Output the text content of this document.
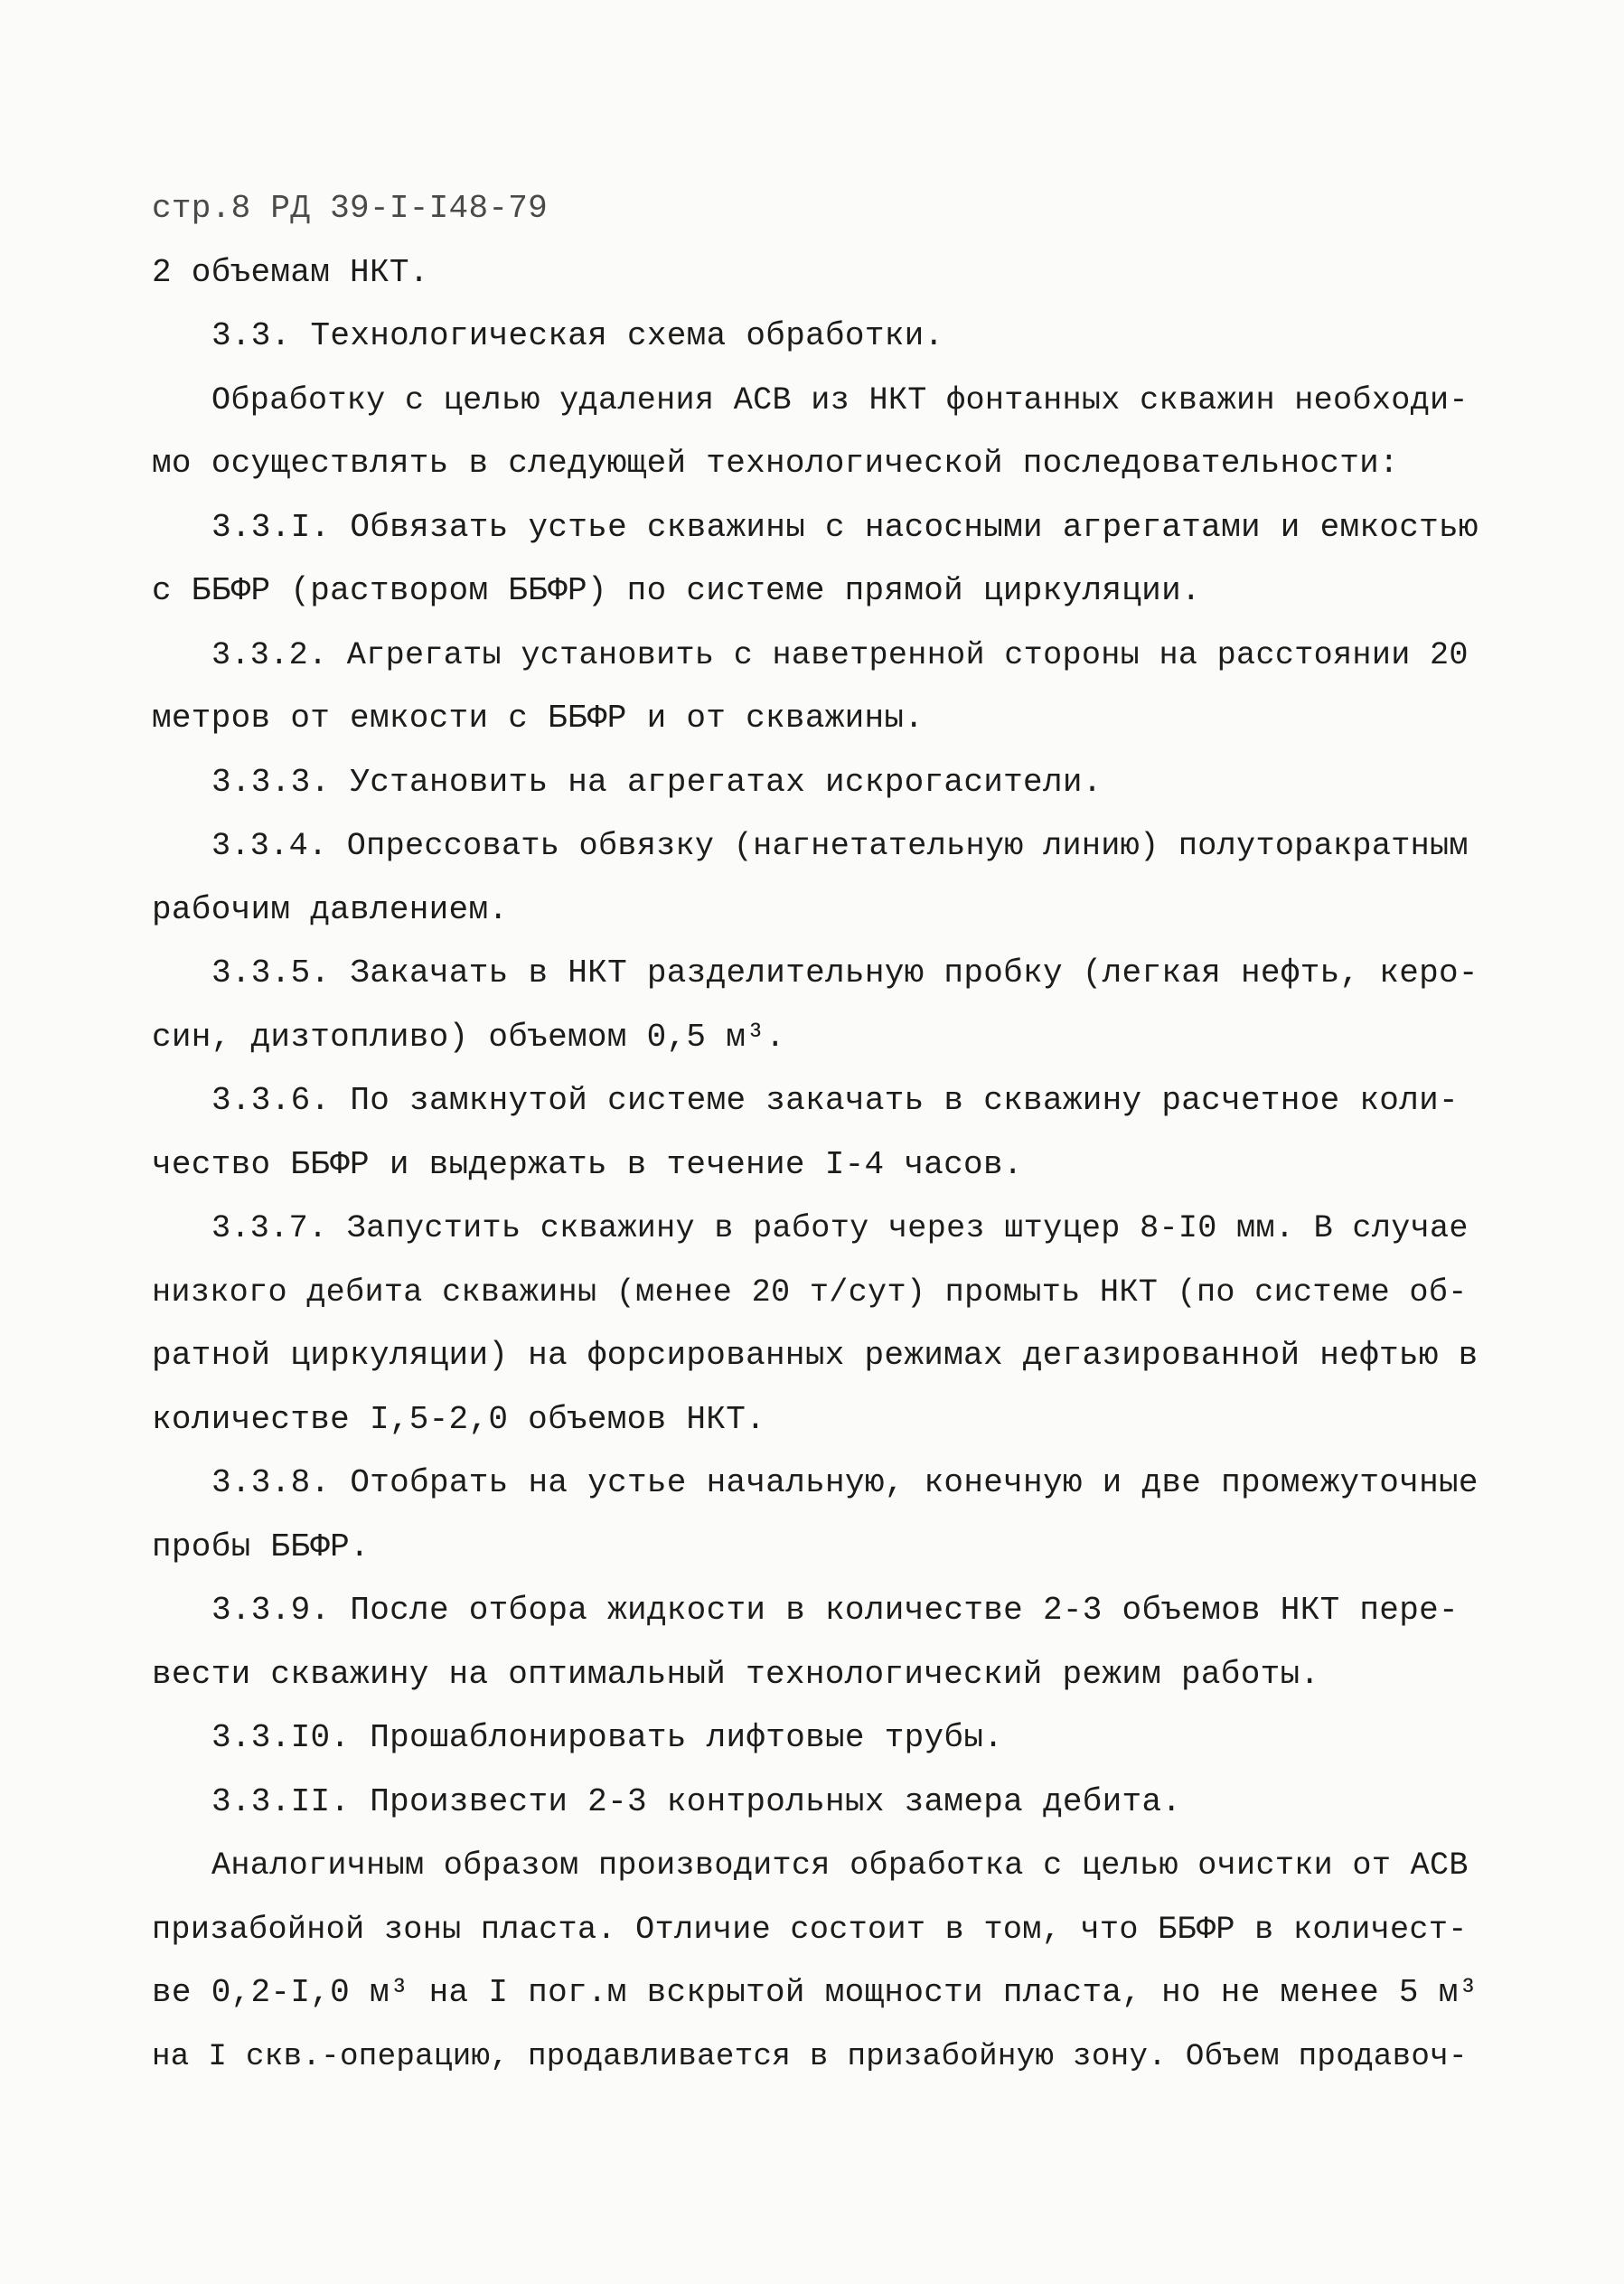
стр.8 РД 39-I-I48-79
2 объемам НКТ.
3.3. Технологическая схема обработки.
Обработку с целью удаления АСВ из НКТ фонтанных скважин необходи-
мо осуществлять в следующей технологической последовательности:
3.3.I. Обвязать устье скважины с насосными агрегатами и емкостью
с ББФР (раствором ББФР) по системе прямой циркуляции.
3.3.2. Агрегаты установить с наветренной стороны на расстоянии 20
метров от емкости с ББФР и от скважины.
3.3.3. Установить на агрегатах искрогасители.
3.3.4. Опрессовать обвязку (нагнетательную линию) полуторакратным
рабочим давлением.
3.3.5. Закачать в НКТ разделительную пробку (легкая нефть, керо-
син, дизтопливо) объемом 0,5 м³.
3.3.6. По замкнутой системе закачать в скважину расчетное коли-
чество ББФР и выдержать в течение I-4 часов.
3.3.7. Запустить скважину в работу через штуцер 8-I0 мм. В случае
низкого дебита скважины (менее 20 т/сут) промыть НКТ (по системе об-
ратной циркуляции) на форсированных режимах дегазированной нефтью в
количестве I,5-2,0 объемов НКТ.
3.3.8. Отобрать на устье начальную, конечную и две промежуточные
пробы ББФР.
3.3.9. После отбора жидкости в количестве 2-3 объемов НКТ пере-
вести скважину на оптимальный технологический режим работы.
3.3.I0. Прошаблонировать лифтовые трубы.
3.3.II. Произвести 2-3 контрольных замера дебита.
Аналогичным образом производится обработка с целью очистки от АСВ
призабойной зоны пласта. Отличие состоит в том, что ББФР в количест-
ве 0,2-I,0 м³ на I пог.м вскрытой мощности пласта, но не менее 5 м³
на I скв.-операцию, продавливается в призабойную зону. Объем продавоч-
